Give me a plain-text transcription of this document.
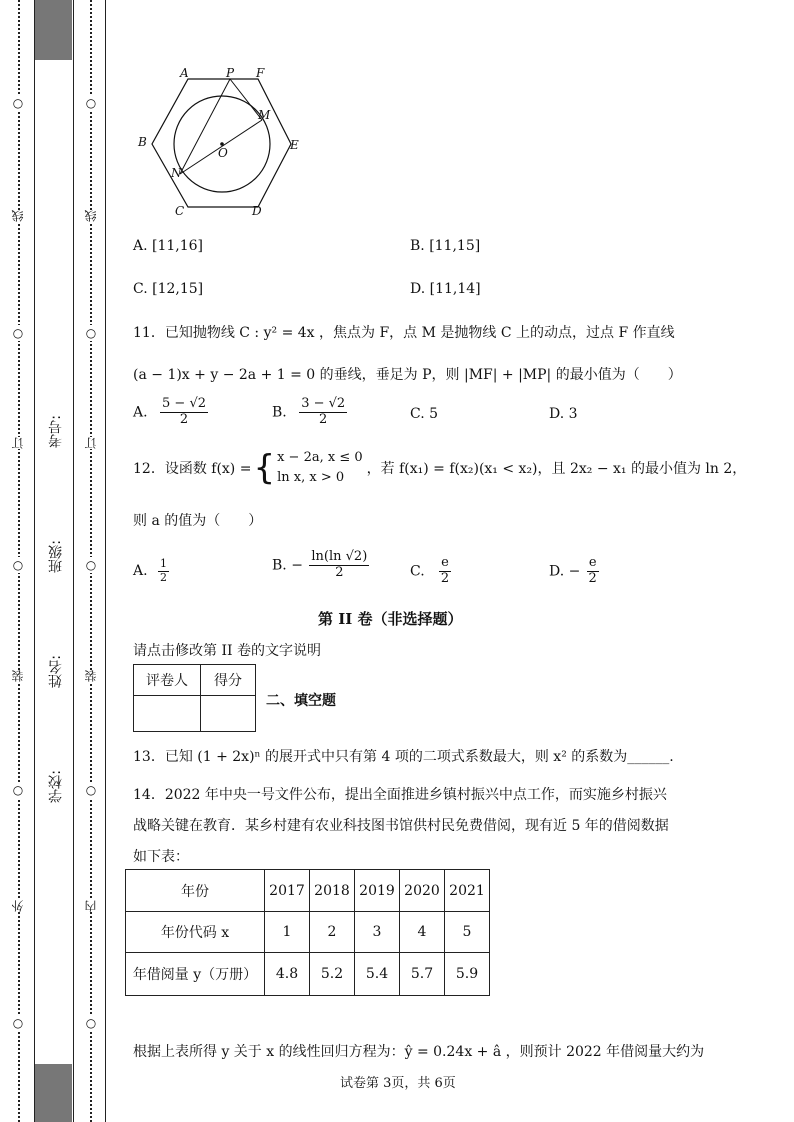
○
线
○
订
○
装
○
外
○
考号:
班级:
姓名:
学校:
○
线
○
订
○
装
○
内
○
A	P F
M
E
D
C
N
B
O
A. [11,16]	B. [11,15]
C. [12,15]	D. [11,14]
11．已知抛物线 C : y² = 4x ，焦点为 F，点 M 是抛物线 C 上的动点，过点 F 作直线
(a − 1)x + y − 2a + 1 = 0 的垂线，垂足为 P，则 |MF| + |MP| 的最小值为（　　）
A. $\frac{5 - √2}{2}$	B. $\frac{3 - √2}{2}$	C. 5	D. 3
12．设函数 f(x) = { x − 2a, x ≤ 0
ln x, x > 0
，若 f(x₁) = f(x₂)(x₁ < x₂)，且 2x₂ − x₁ 的最小值为 ln 2，
则 a 的值为（　　）
A. $\frac{1}{2}$	B. − $\frac{\ln(\ln √2)}{2}$	C. $\frac{e}{2}$	D. − $\frac{e}{2}$
第 II 卷（非选择题）
请点击修改第 II 卷的文字说明
评卷人	得分

二、填空题
13．已知 (1 + 2x)ⁿ 的展开式中只有第 4 项的二项式系数最大，则 x² 的系数为______.
14．2022 年中央一号文件公布，提出全面推进乡镇村振兴中点工作，而实施乡村振兴
战略关键在教育．某乡村建有农业科技图书馆供村民免费借阅，现有近 5 年的借阅数据
如下表：
年份	2017	2018	2019	2020	2021
年份代码 x	1	2	3	4	5
年借阅量 y（万册）	4.8	5.2	5.4	5.7	5.9
根据上表所得 y 关于 x 的线性回归方程为：ŷ = 0.24x + â ，则预计 2022 年借阅量大约为
试卷第 3页，共 6页
